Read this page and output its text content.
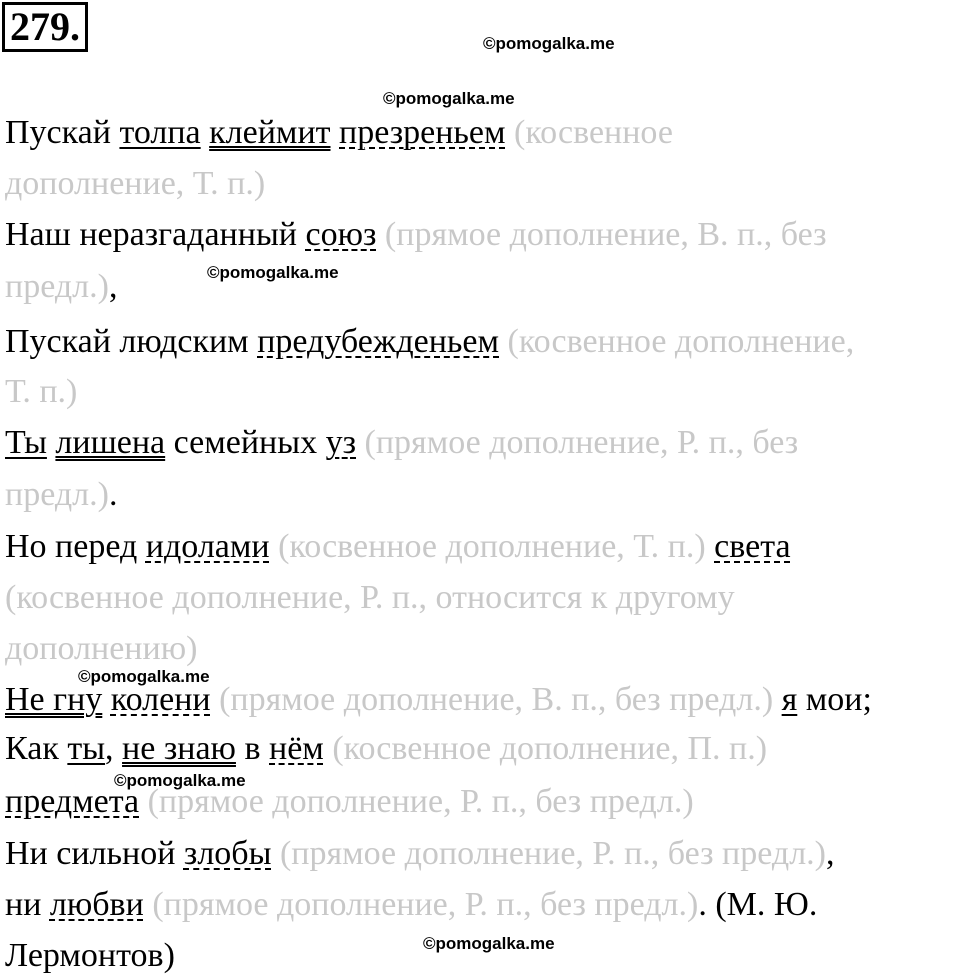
279.	©pomogalka.me
©pomogalka.me
©pomogalka.me
©pomogalka.me
©pomogalka.me
©pomogalka.me
Пускай толпа клеймит презреньем (косвенное
дополнение, Т. п.)
Наш неразгаданный союз (прямое дополнение, В. п., без
предл.),
Пускай людским предубежденьем (косвенное дополнение,
Т. п.)
Ты лишена семейных уз (прямое дополнение, Р. п., без
предл.).
Но перед идолами (косвенное дополнение, Т. п.) света
(косвенное дополнение, Р. п., относится к другому
дополнению)
Не гну колени (прямое дополнение, В. п., без предл.) я мои;
Как ты, не знаю в нём (косвенное дополнение, П. п.)
предмета (прямое дополнение, Р. п., без предл.)
Ни сильной злобы (прямое дополнение, Р. п., без предл.),
ни любви (прямое дополнение, Р. п., без предл.). (М. Ю.
Лермонтов)
